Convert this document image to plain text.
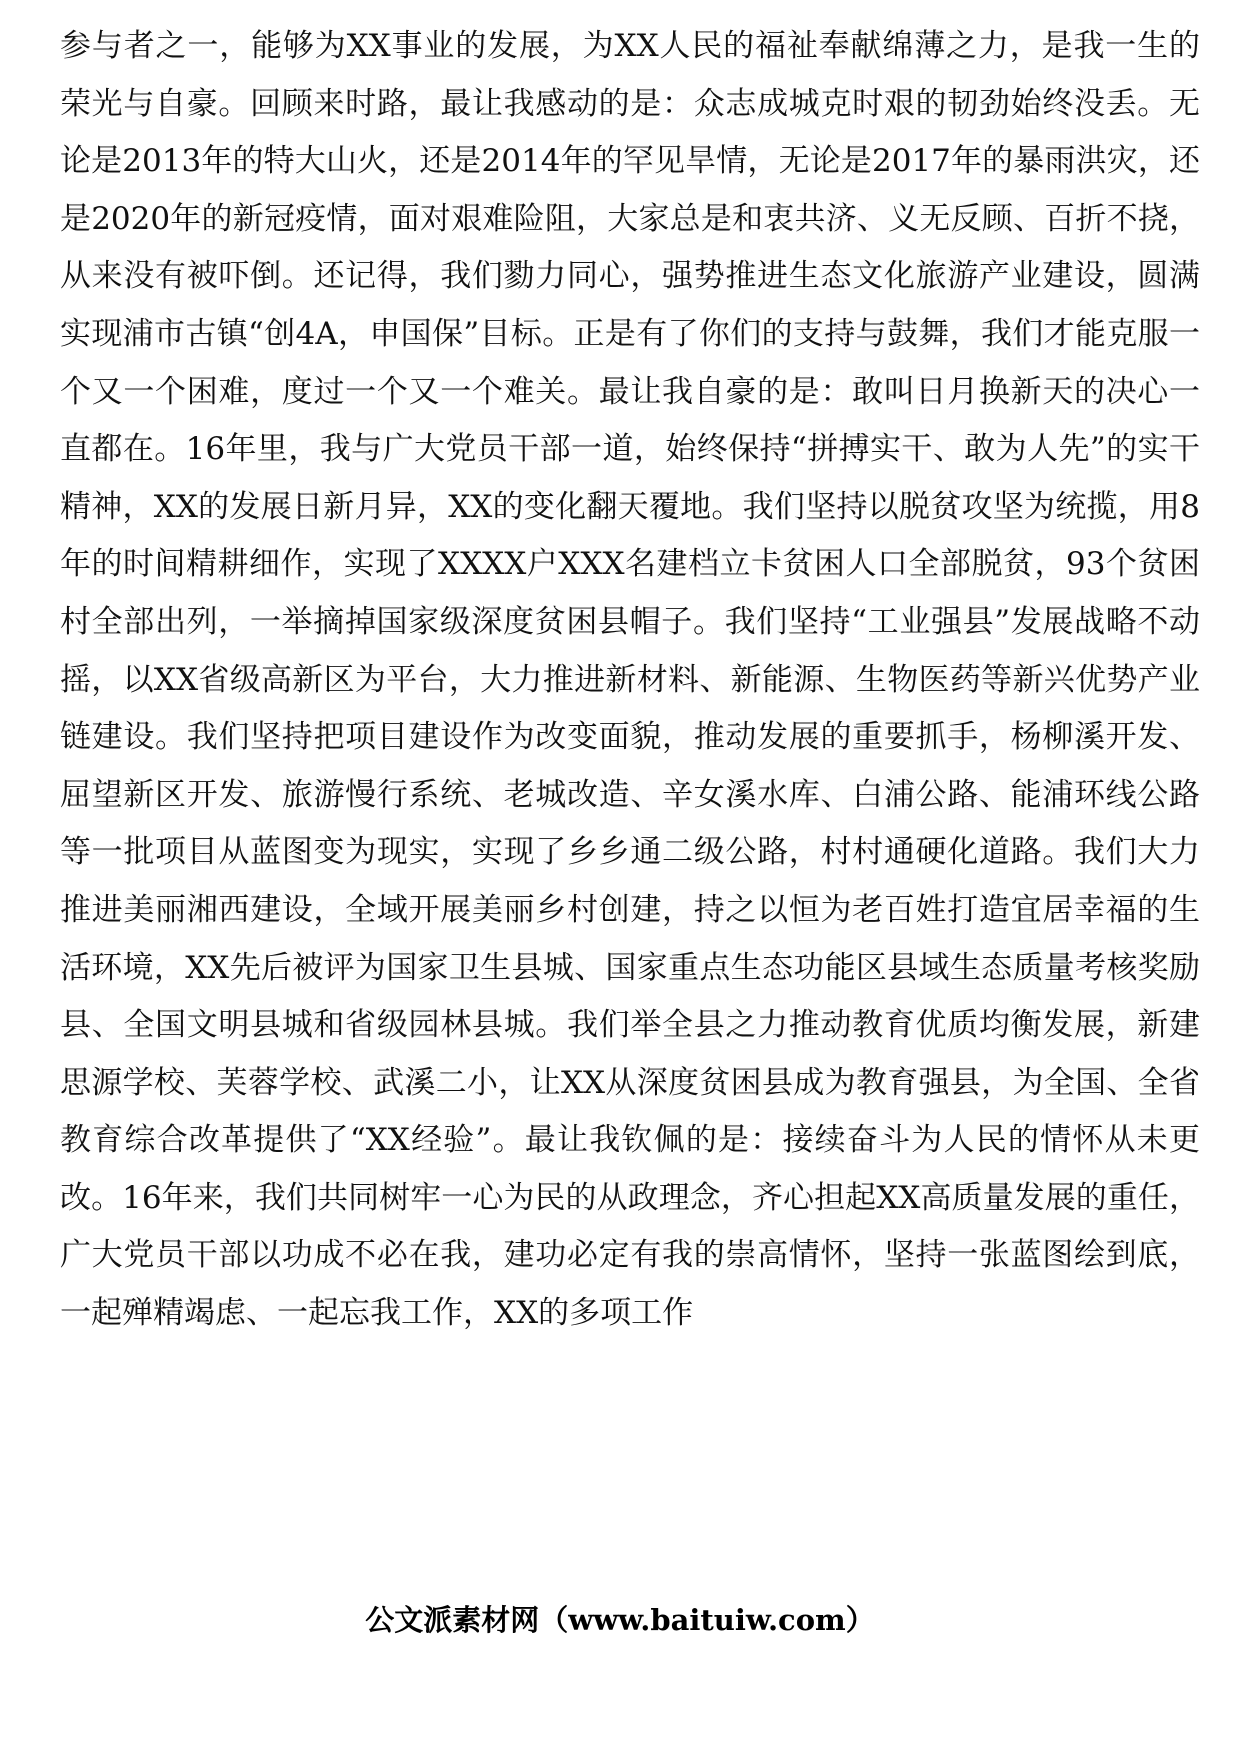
参与者之一，能够为XX事业的发展，为XX人民的福祉奉献绵薄之力，是我一生的荣光与自豪。回顾来时路，最让我感动的是：众志成城克时艰的韧劲始终没丢。无论是2013年的特大山火，还是2014年的罕见旱情，无论是2017年的暴雨洪灾，还是2020年的新冠疫情，面对艰难险阻，大家总是和衷共济、义无反顾、百折不挠，从来没有被吓倒。还记得，我们勠力同心，强势推进生态文化旅游产业建设，圆满实现浦市古镇“创4A，申国保”目标。正是有了你们的支持与鼓舞，我们才能克服一个又一个困难，度过一个又一个难关。最让我自豪的是：敢叫日月换新天的决心一直都在。16年里，我与广大党员干部一道，始终保持“拼搏实干、敢为人先”的实干精神，XX的发展日新月异，XX的变化翻天覆地。我们坚持以脱贫攻坚为统揽，用8年的时间精耕细作，实现了XXXX户XXX名建档立卡贫困人口全部脱贫，93个贫困村全部出列，一举摘掉国家级深度贫困县帽子。我们坚持“工业强县”发展战略不动摇，以XX省级高新区为平台，大力推进新材料、新能源、生物医药等新兴优势产业链建设。我们坚持把项目建设作为改变面貌，推动发展的重要抓手，杨柳溪开发、屈望新区开发、旅游慢行系统、老城改造、辛女溪水库、白浦公路、能浦环线公路等一批项目从蓝图变为现实，实现了乡乡通二级公路，村村通硬化道路。我们大力推进美丽湘西建设，全域开展美丽乡村创建，持之以恒为老百姓打造宜居幸福的生活环境，XX先后被评为国家卫生县城、国家重点生态功能区县域生态质量考核奖励县、全国文明县城和省级园林县城。我们举全县之力推动教育优质均衡发展，新建思源学校、芙蓉学校、武溪二小，让XX从深度贫困县成为教育强县，为全国、全省教育综合改革提供了“XX经验”。最让我钦佩的是：接续奋斗为人民的情怀从未更改。16年来，我们共同树牢一心为民的从政理念，齐心担起XX高质量发展的重任，广大党员干部以功成不必在我，建功必定有我的崇高情怀，坚持一张蓝图绘到底，一起殚精竭虑、一起忘我工作，XX的多项工作

公文派素材网（www.baituiw.com）
